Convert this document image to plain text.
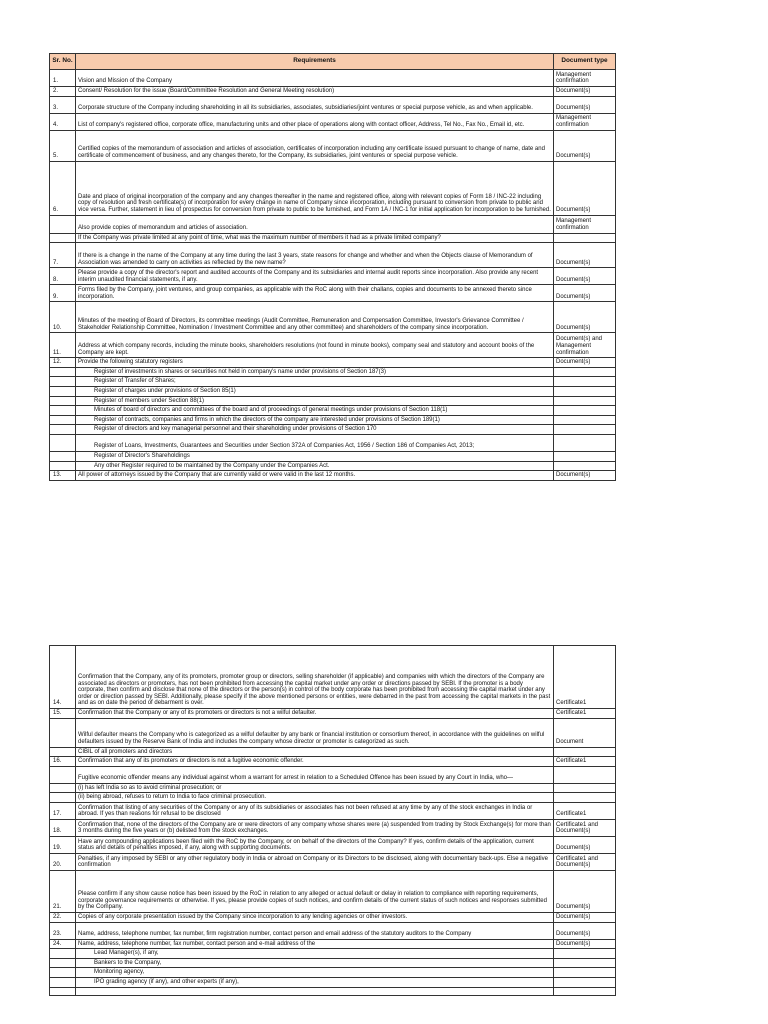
Sr. No.	Requirements	Document type
1.	Vision and Mission of the Company	Management confirmation
2.	Consent/ Resolution for the issue (Board/Committee Resolution and General Meeting resolution)	Document(s)
3.	Corporate structure of the Company including shareholding in all its subsidiaries, associates, subsidiaries/joint ventures or special purpose vehicle, as and when applicable.	Document(s)
4.	List of company's registered office, corporate office, manufacturing units and other place of operations along with contact officer, Address, Tel No., Fax No., Email id, etc.	Management confirmation
5.	Certified copies of the memorandum of association and articles of association, certificates of incorporation including any certificate issued pursuant to change of name, date and certificate of commencement of business, and any changes thereto, for the Company, its subsidiaries, joint ventures or special purpose vehicle.	Document(s)
6.	Date and place of original incorporation of the company and any changes thereafter in the name and registered office, along with relevant copies of Form 18 / INC-22 including copy of resolution and fresh certificate(s) of incorporation for every change in name of Company since incorporation, including pursuant to conversion from private to public and vice versa. Further, statement in lieu of prospectus for conversion from private to public to be furnished, and Form 1A / INC-1 for initial application for incorporation to be furnished.	Document(s)
	Also provide copies of memorandum and articles of association.	Management confirmation
	If the Company was private limited at any point of time, what was the maximum number of members it had as a private limited company?	
7.	If there is a change in the name of the Company at any time during the last 3 years, state reasons for change and whether and when the Objects clause of Memorandum of Association was amended to carry on activities as reflected by the new name?	Document(s)
8.	Please provide a copy of the director's report and audited accounts of the Company and its subsidiaries and internal audit reports since incorporation. Also provide any recent interim unaudited financial statements, if any.	Document(s)
9.	Forms filed by the Company, joint ventures, and group companies, as applicable with the RoC along with their challans, copies and documents to be annexed thereto since incorporation.	Document(s)
10.	Minutes of the meeting of Board of Directors, its committee meetings (Audit Committee, Remuneration and Compensation Committee, Investor's Grievance Committee / Stakeholder Relationship Committee, Nomination / Investment Committee and any other committee) and shareholders of the company since incorporation.	Document(s)
11.	Address at which company records, including the minute books, shareholders resolutions (not found in minute books), company seal and statutory and account books of the Company are kept.	Document(s) and Management confirmation
12.	Provide the following statutory registers	Document(s)
	Register of investments in shares or securities not held in company's name under provisions of Section 187(3)	
	Register of Transfer of Shares;	
	Register of charges under provisions of Section 85(1)	
	Register of members under Section 88(1)	
	Minutes of board of directors and committees of the board and of proceedings of general meetings under provisions of Section 118(1)	
	Register of contracts, companies and firms in which the directors of the company are interested under provisions of Section 189(1)	
	Register of directors and key managerial personnel and their shareholding under provisions of Section 170	
	Register of Loans, Investments, Guarantees and Securities under Section 372A of Companies Act, 1956 / Section 186 of Companies Act, 2013;	
	Register of Director's Shareholdings	
	Any other Register required to be maintained by the Company under the Companies Act.	
13.	All power of attorneys issued by the Company that are currently valid or were valid in the last 12 months.	Document(s)
14.	Confirmation that the Company, any of its promoters, promoter group or directors, selling shareholder (if applicable) and companies with which the directors of the Company are associated as directors or promoters, has not been prohibited from accessing the capital market under any order or directions passed by SEBI. If the promoter is a body corporate, then confirm and disclose that none of the directors or the person(s) in control of the body corporate has been prohibited from accessing the capital market under any order or direction passed by SEBI. Additionally, please specify if the above mentioned persons or entities, were debarred in the past from accessing the capital markets in the past and as on date the period of debarment is over.	Certificate1
15.	Confirmation that the Company or any of its promoters or directors is not a wilful defaulter.	Certificate1
	Wilful defaulter means the Company who is categorized as a wilful defaulter by any bank or financial institution or consortium thereof, in accordance with the guidelines on wilful defaulters issued by the Reserve Bank of India and includes the company whose director or promoter is categorized as such.	Document
	CIBIL of all promoters and directors	
16.	Confirmation that any of its promoters or directors is not a fugitive economic offender.	Certificate1
	Fugitive economic offender means any individual against whom a warrant for arrest in relation to a Scheduled Offence has been issued by any Court in India, who—	
	(i) has left India so as to avoid criminal prosecution; or	
	(ii) being abroad, refuses to return to India to face criminal prosecution.	
17.	Confirmation that listing of any securities of the Company or any of its subsidiaries or associates has not been refused at any time by any of the stock exchanges in India or abroad. If yes than reasons for refusal to be disclosed	Certificate1
18.	Confirmation that, none of the directors of the Company are or were directors of any company whose shares were (a) suspended from trading by Stock Exchange(s) for more than 3 months during the five years or (b) delisted from the stock exchanges.	Certificate1 and Document(s)
19.	Have any compounding applications been filed with the RoC by the Company, or on behalf of the directors of the Company? If yes, confirm details of the application, current status and details of penalties imposed, if any, along with supporting documents.	Document(s)
20.	Penalties, if any imposed by SEBI or any other regulatory body in India or abroad on Company or its Directors to be disclosed, along with documentary back-ups. Else a negative confirmation	Certificate1 and Document(s)
21.	Please confirm if any show cause notice has been issued by the RoC in relation to any alleged or actual default or delay in relation to compliance with reporting requirements, corporate governance requirements or otherwise. If yes, please provide copies of such notices, and confirm details of the current status of such notices and responses submitted by the Company.	Document(s)
22.	Copies of any corporate presentation issued by the Company since incorporation to any lending agencies or other investors.	Document(s)
23.	Name, address, telephone number, fax number, firm registration number, contact person and email address of the statutory auditors to the Company	Document(s)
24.	Name, address, telephone number, fax number, contact person and e-mail address of the	Document(s)
	Lead Manager(s), if any,	
	Bankers to the Company,	
	Monitoring agency,	
	IPO grading agency (if any), and other experts (if any),	
